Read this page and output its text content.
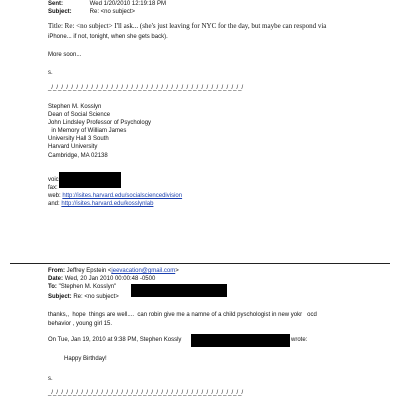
Sent:	Wed 1/20/2010 12:19:18 PM
Subject:	Re: <no subject>
Title: Re: <no subject> I'll ask... (she's just leaving for NYC for the day, but maybe can respond via
iPhone... if not, tonight, when she gets back).
More soon...
s.
_/_/_/_/_/_/_/_/_/_/_/_/_/_/_/_/_/_/_/_/_/_/_/_/_/_/_/_/_/_/_/_/_/_/_/_/_/_/_/
Stephen M. Kosslyn
Dean of Social Science
John Lindsley Professor of Psychology
in Memory of William James
University Hall 3 South
Harvard University
Cambridge, MA 02138
voic
fax:
web: http://isites.harvard.edu/socialsciencedivision
and: http://isites.harvard.edu/kosslynlab
From: Jeffrey Epstein <jeevacation@gmail.com>
Date: Wed, 20 Jan 2010 00:00:48 -0500
To: "Stephen M. Kosslyn"
Subject: Re: <no subject>
thanks,,  hope  things are well....  can robin give me a namne of a child pyschologist in new yokr   ocd
behavior , young girl 15.
On Tue, Jan 19, 2010 at 9:38 PM, Stephen Kossly	wrote:
Happy Birthday!
s.
_/_/_/_/_/_/_/_/_/_/_/_/_/_/_/_/_/_/_/_/_/_/_/_/_/_/_/_/_/_/_/_/_/_/_/_/_/_/_/
